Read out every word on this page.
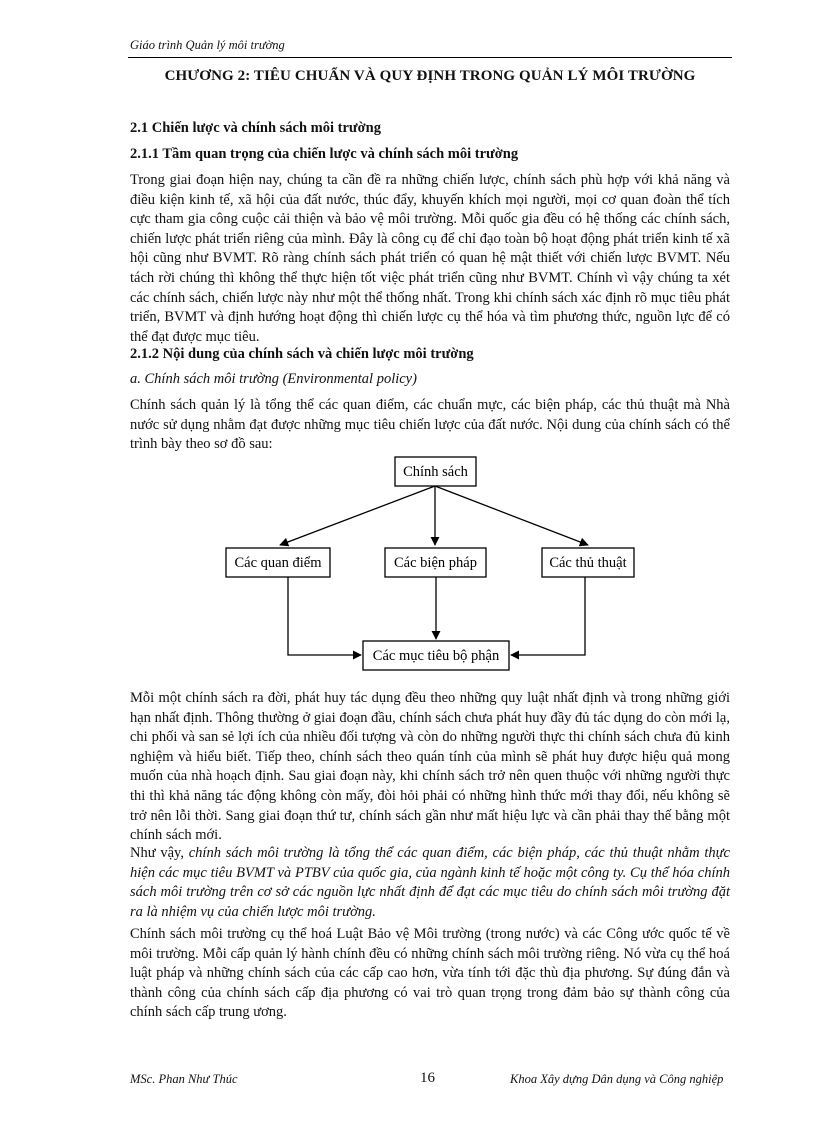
Giáo trình Quản lý môi trường
CHƯƠNG 2: TIÊU CHUẨN VÀ QUY ĐỊNH TRONG QUẢN LÝ MÔI TRƯỜNG
2.1 Chiến lược và chính sách môi trường
2.1.1 Tầm quan trọng của chiến lược và chính sách môi trường
Trong giai đoạn hiện nay, chúng ta cần đề ra những chiến lược, chính sách phù hợp với khả năng và điều kiện kinh tế, xã hội của đất nước, thúc đẩy, khuyến khích mọi người, mọi cơ quan đoàn thể tích cực tham gia công cuộc cải thiện và bảo vệ môi trường. Mỗi quốc gia đều có hệ thống các chính sách, chiến lược phát triển riêng của mình. Đây là công cụ để chỉ đạo toàn bộ hoạt động phát triển kinh tế xã hội cũng như BVMT. Rõ ràng chính sách phát triển có quan hệ mật thiết với chiến lược BVMT. Nếu tách rời chúng thì không thể thực hiện tốt việc phát triển cũng như BVMT. Chính vì vậy chúng ta xét các chính sách, chiến lược này như một thể thống nhất. Trong khi chính sách xác định rõ mục tiêu phát triển, BVMT và định hướng hoạt động thì chiến lược cụ thể hóa và tìm phương thức, nguồn lực để có thể đạt được mục tiêu.
2.1.2 Nội dung của chính sách và chiến lược môi trường
a. Chính sách môi trường (Environmental policy)
Chính sách quản lý là tổng thể các quan điểm, các chuẩn mực, các biện pháp, các thủ thuật mà Nhà nước sử dụng nhằm đạt được những mục tiêu chiến lược của đất nước. Nội dung của chính sách có thể trình bày theo sơ đồ sau:
Chính sách
Các quan điểm	Các biện pháp	Các thủ thuật
Các mục tiêu bộ phận
Mỗi một chính sách ra đời, phát huy tác dụng đều theo những quy luật nhất định và trong những giới hạn nhất định. Thông thường ở giai đoạn đầu, chính sách chưa phát huy đầy đủ tác dụng do còn mới lạ, chi phối và san sẻ lợi ích của nhiều đối tượng và còn do những người thực thi chính sách chưa đủ kinh nghiệm và hiểu biết. Tiếp theo, chính sách theo quán tính của mình sẽ phát huy được hiệu quả mong muốn của nhà hoạch định. Sau giai đoạn này, khi chính sách trở nên quen thuộc với những người thực thi thì khả năng tác động không còn mấy, đòi hỏi phải có những hình thức mới thay đổi, nếu không sẽ trở nên lỗi thời. Sang giai đoạn thứ tư, chính sách gần như mất hiệu lực và cần phải thay thế bằng một chính sách mới.
Như vậy, chính sách môi trường là tổng thể các quan điểm, các biện pháp, các thủ thuật nhằm thực hiện các mục tiêu BVMT và PTBV của quốc gia, của ngành kinh tế hoặc một công ty. Cụ thể hóa chính sách môi trường trên cơ sở các nguồn lực nhất định để đạt các mục tiêu do chính sách môi trường đặt ra là nhiệm vụ của chiến lược môi trường.
Chính sách môi trường cụ thể hoá Luật Bảo vệ Môi trường (trong nước) và các Công ước quốc tế về môi trường. Mỗi cấp quản lý hành chính đều có những chính sách môi trường riêng. Nó vừa cụ thể hoá luật pháp và những chính sách của các cấp cao hơn, vừa tính tới đặc thù địa phương. Sự đúng đắn và thành công của chính sách cấp địa phương có vai trò quan trọng trong đảm bảo sự thành công của chính sách cấp trung ương.
MSc. Phan Như Thúc	16	Khoa Xây dựng Dân dụng và Công nghiệp
